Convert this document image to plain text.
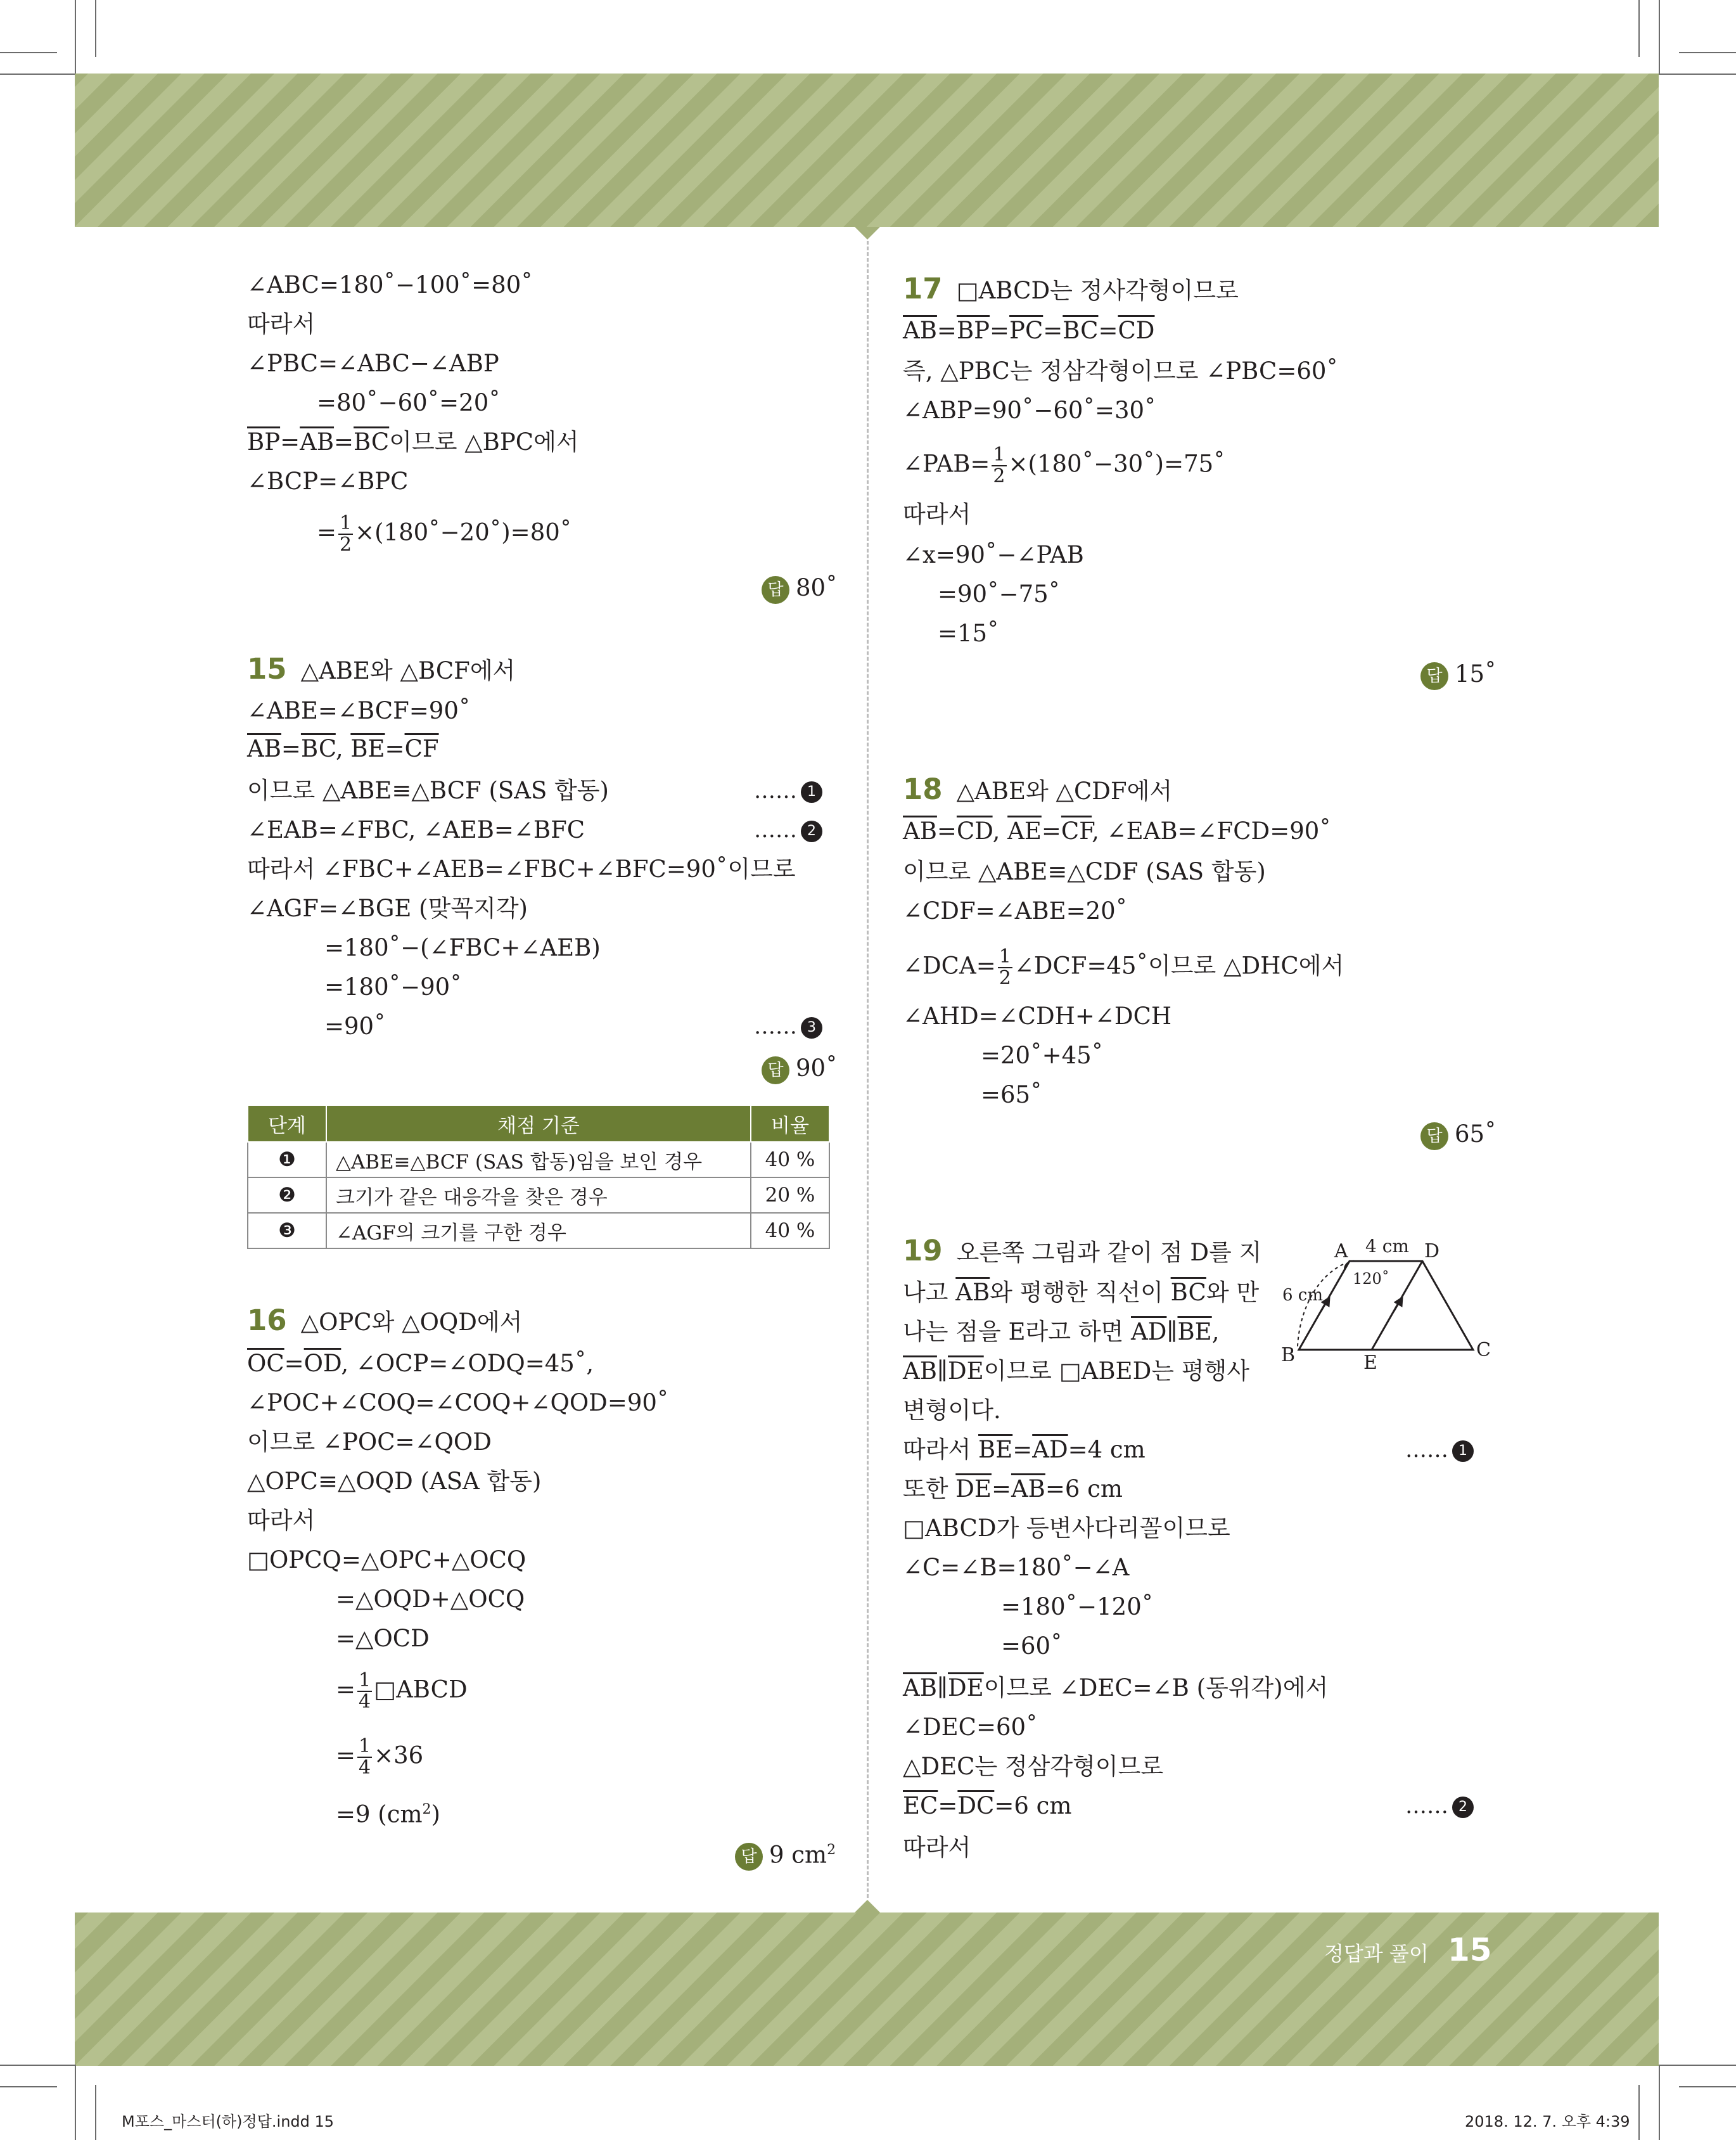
∠ABC=180˚−100˚=80˚
따라서
∠PBC=∠ABC−∠ABP
=80˚−60˚=20˚
$\overline{BP}=\overline{AB}=\overline{BC}$이므로 △BPC에서
∠BCP=∠BPC
= $\frac{1}{2}$ ×(180˚−20˚)=80˚
답 80˚
15 △ABE와 △BCF에서
∠ABE=∠BCF=90˚
$\overline{AB}=\overline{BC}$, $\overline{BE}=\overline{CF}$
이므로 △ABE≡△BCF (SAS 합동)	…… 1
∠EAB=∠FBC, ∠AEB=∠BFC	…… 2
따라서 ∠FBC+∠AEB=∠FBC+∠BFC=90˚이므로
∠AGF=∠BGE (맞꼭지각)
=180˚−(∠FBC+∠AEB)
=180˚−90˚
=90˚	…… 3
답 90˚
단계	채점 기준	비율
❶	△ABE≡△BCF (SAS 합동)임을 보인 경우	40 %
❷	크기가 같은 대응각을 찾은 경우	20 %
❸	∠AGF의 크기를 구한 경우	40 %
16 △OPC와 △OQD에서
$\overline{OC}=\overline{OD}$, ∠OCP=∠ODQ=45˚,
∠POC+∠COQ=∠COQ+∠QOD=90˚
이므로 ∠POC=∠QOD
△OPC≡△OQD (ASA 합동)
따라서
□OPCQ=△OPC+△OCQ
=△OQD+△OCQ
=△OCD
= $\frac{1}{4}$ □ABCD
= $\frac{1}{4} \times 36$
=9 $(cm^2)$
답 9 $cm^2$
17 □ABCD는 정사각형이므로
$\overline{AB}=\overline{BP}=\overline{PC}=\overline{BC}=\overline{CD}$
즉, △PBC는 정삼각형이므로 ∠PBC=60˚
∠ABP=90˚−60˚=30˚
∠PAB= $\frac{1}{2}$ ×(180˚−30˚)=75˚
따라서
∠x=90˚−∠PAB
=90˚−75˚
=15˚
답 15˚
18 △ABE와 △CDF에서
$\overline{AB}=\overline{CD}$, $\overline{AE}=\overline{CF}$, ∠EAB=∠FCD=90˚
이므로 △ABE≡△CDF (SAS 합동)
∠CDF=∠ABE=20˚
∠DCA= $\frac{1}{2}$ ∠DCF=45˚이므로 △DHC에서
∠AHD=∠CDH+∠DCH
=20˚+45˚
=65˚
답 65˚
19 오른쪽 그림과 같이 점 D를 지
나고 $\overline{AB}$와 평행한 직선이 $\overline{BC}$와 만
나는 점을 E라고 하면 $\overline{AD}\parallel\overline{BE}$,
$\overline{AB}\parallel\overline{DE}$이므로 □ABED는 평행사
변형이다.
따라서 $\overline{BE}=\overline{AD}=4$ cm	…… 1
또한 $\overline{DE}=\overline{AB}=6$ cm
□ABCD가 등변사다리꼴이므로
∠C=∠B=180˚−∠A
=180˚−120˚
=60˚
$\overline{AB}\parallel\overline{DE}$이므로 ∠DEC=∠B (동위각)에서
∠DEC=60˚
△DEC는 정삼각형이므로
$\overline{EC}=\overline{DC}=6$ cm	…… 2
따라서
A	D
B	C
E
4 cm
6 cm
120˚
정답과 풀이 15
M포스_마스터(하)정답.indd 15	2018. 12. 7. 오후 4:39
